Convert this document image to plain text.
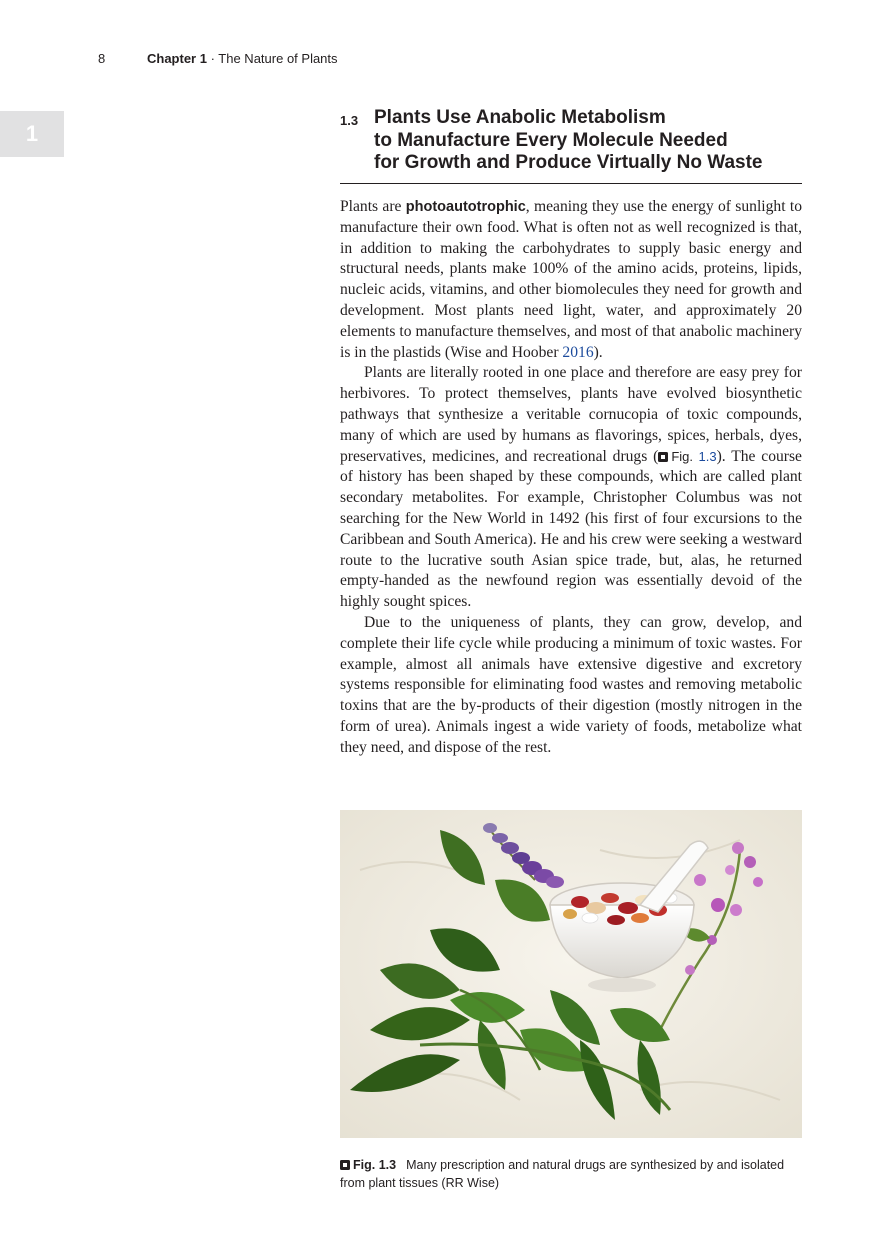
8	Chapter 1 · The Nature of Plants
1
1.3 Plants Use Anabolic Metabolism
to Manufacture Every Molecule Needed
for Growth and Produce Virtually No Waste

Plants are photoautotrophic, meaning they use the energy of sunlight to manufacture their own food. What is often not as well recognized is that, in addition to making the carbohydrates to supply basic energy and structural needs, plants make 100% of the amino acids, proteins, lipids, nucleic acids, vitamins, and other biomolecules they need for growth and development. Most plants need light, water, and approximately 20 elements to manufacture themselves, and most of that anabolic machinery is in the plastids (Wise and Hoober 2016).

Plants are literally rooted in one place and therefore are easy prey for herbivores. To protect themselves, plants have evolved biosynthetic pathways that synthesize a veritable cornucopia of toxic compounds, many of which are used by humans as flavorings, spices, herbals, dyes, preservatives, medicines, and recreational drugs ( Fig. 1.3). The course of history has been shaped by these compounds, which are called plant secondary metabolites. For example, Christopher Columbus was not searching for the New World in 1492 (his first of four excursions to the Caribbean and South America). He and his crew were seeking a westward route to the lucrative south Asian spice trade, but, alas, he returned empty-handed as the newfound region was essentially devoid of the highly sought spices.

Due to the uniqueness of plants, they can grow, develop, and complete their life cycle while producing a minimum of toxic wastes. For example, almost all animals have extensive digestive and excretory systems responsible for eliminating food wastes and removing metabolic toxins that are the by-products of their digestion (mostly nitrogen in the form of urea). Animals ingest a wide variety of foods, metabolize what they need, and dispose of the rest.

Fig. 1.3 Many prescription and natural drugs are synthesized by and isolated from plant tissues (RR Wise)
